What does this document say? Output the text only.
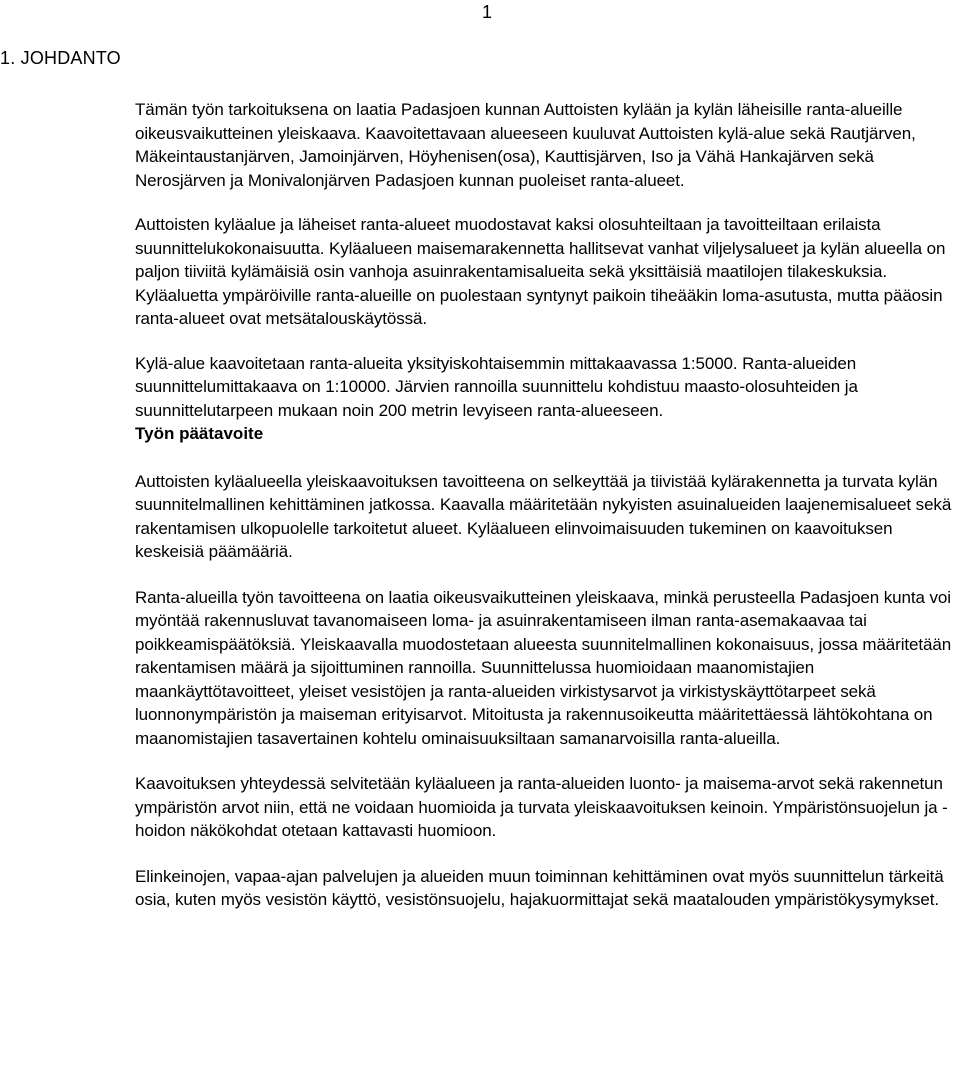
1
1. JOHDANTO

Tämän työn tarkoituksena on laatia Padasjoen kunnan Auttoisten kylään ja kylän läheisille ranta-alueille oikeusvaikutteinen yleiskaava. Kaavoitettavaan alueeseen kuuluvat Auttoisten kylä-alue sekä Rautjärven, Mäkeintaustanjärven, Jamoinjärven, Höyhenisen(osa), Kauttisjärven, Iso ja Vähä Hankajärven sekä Nerosjärven ja Monivalonjärven Padasjoen kunnan puoleiset ranta-alueet.

Auttoisten kyläalue ja läheiset ranta-alueet muodostavat kaksi olosuhteiltaan ja tavoitteiltaan erilaista suunnittelukokonaisuutta. Kyläalueen maisemarakennetta hallitsevat vanhat viljelysalueet ja kylän alueella on paljon tiiviitä kylämäisiä osin vanhoja asuinrakentamisalueita sekä yksittäisiä maatilojen tilakeskuksia. Kyläaluetta ympäröiville ranta-alueille on puolestaan syntynyt paikoin tiheääkin loma-asutusta, mutta pääosin ranta-alueet ovat metsätalouskäytössä.

Kylä-alue kaavoitetaan ranta-alueita yksityiskohtaisemmin mittakaavassa 1:5000. Ranta-alueiden suunnittelumittakaava on 1:10000. Järvien rannoilla suunnittelu kohdistuu maasto-olosuhteiden ja suunnittelutarpeen mukaan noin 200 metrin levyiseen ranta-alueeseen.

Työn päätavoite

Auttoisten kyläalueella yleiskaavoituksen tavoitteena on selkeyttää ja tiivistää kylärakennetta ja turvata kylän suunnitelmallinen kehittäminen jatkossa. Kaavalla määritetään nykyisten asuinalueiden laajenemisalueet sekä rakentamisen ulkopuolelle tarkoitetut alueet. Kyläalueen elinvoimaisuuden tukeminen on kaavoituksen keskeisiä päämääriä.

Ranta-alueilla työn tavoitteena on laatia oikeusvaikutteinen yleiskaava, minkä perusteella Padasjoen kunta voi myöntää rakennusluvat tavanomaiseen loma- ja asuinrakentamiseen ilman ranta-asemakaavaa tai poikkeamispäätöksiä. Yleiskaavalla muodostetaan alueesta suunnitelmallinen kokonaisuus, jossa määritetään rakentamisen määrä ja sijoittuminen rannoilla. Suunnittelussa huomioidaan maanomistajien maankäyttötavoitteet, yleiset vesistöjen ja ranta-alueiden virkistysarvot ja virkistyskäyttötarpeet sekä luonnonympäristön ja maiseman erityisarvot. Mitoitusta ja rakennusoikeutta määritettäessä lähtökohtana on maanomistajien tasavertainen kohtelu ominaisuuksiltaan samanarvoisilla ranta-alueilla.

Kaavoituksen yhteydessä selvitetään kyläalueen ja ranta-alueiden luonto- ja maisema-arvot sekä rakennetun ympäristön arvot niin, että ne voidaan huomioida ja turvata yleiskaavoituksen keinoin. Ympäristönsuojelun ja -hoidon näkökohdat otetaan kattavasti huomioon.

Elinkeinojen, vapaa-ajan palvelujen ja alueiden muun toiminnan kehittäminen ovat myös suunnittelun tärkeitä osia, kuten myös vesistön käyttö, vesistönsuojelu, hajakuormittajat sekä maatalouden ympäristökysymykset.
